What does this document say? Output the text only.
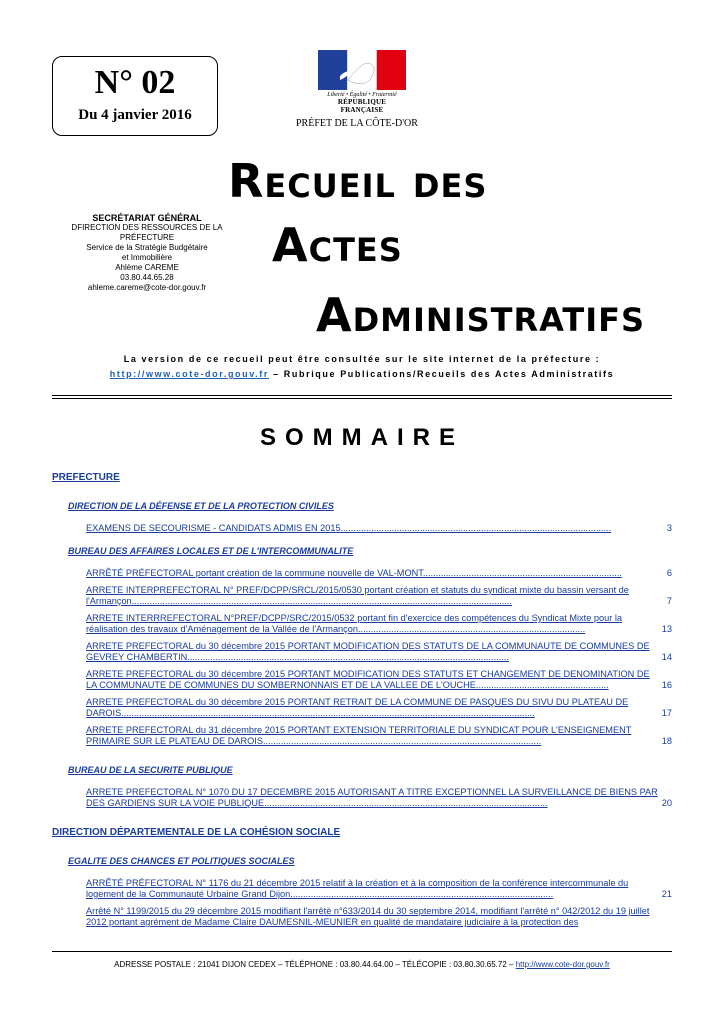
N° 02
Du 4 janvier 2016
Liberté • Égalité • Fraternité
RÉPUBLIQUE FRANÇAISE
PRÉFET DE LA CÔTE-D'OR
Recueil des
Actes
Administratifs
SECRÉTARIAT GÉNÉRAL
DFIRECTION DES RESSOURCES DE LA
PRÉFECTURE
Service de la Stratégie Budgétaire
et Immobilière
Ahlème CAREME
03.80.44.65.28
ahleme.careme@cote-dor.gouv.fr
La version de ce recueil peut être consultée sur le site internet de la préfecture :
http://www.cote-dor.gouv.fr – Rubrique Publications/Recueils des Actes Administratifs
SOMMAIRE
PREFECTURE
DIRECTION DE LA DÉFENSE ET DE LA PROTECTION CIVILES
EXAMENS DE SECOURISME - CANDIDATS ADMIS EN 2015..........................................................................................................	3
BUREAU DES AFFAIRES LOCALES ET DE L'INTERCOMMUNALITE
ARRÊTÉ PRÉFECTORAL portant création de la commune nouvelle de VAL-MONT..............................................................................	6
ARRETE INTERPREFECTORAL N° PREF/DCPP/SRCL/2015/0530 portant création et statuts du syndicat mixte du bassin versant de l'Armançon.....................................................................................................................................................	7
ARRETE INTERRREFECTORAL N°PREF/DCPP/SRC/2015/0532 portant fin d'exercice des compétences du Syndicat Mixte pour la réalisation des travaux d'Aménagement de la Vallée de l'Armançon.........................................................................................	13
ARRETE PREFECTORAL du 30 décembre 2015 PORTANT MODIFICATION DES STATUTS DE LA COMMUNAUTE DE COMMUNES DE GEVREY CHAMBERTIN..............................................................................................................................	14
ARRETE PREFECTORAL du 30 décembre 2015 PORTANT MODIFICATION DES STATUTS ET CHANGEMENT DE DENOMINATION DE LA COMMUNAUTE DE COMMUNES DU SOMBERNONNAIS ET DE LA VALLEE DE L'OUCHE....................................................	16
ARRETE PREFECTORAL du 30 décembre 2015 PORTANT RETRAIT DE LA COMMUNE DE PASQUES DU SIVU DU PLATEAU DE DAROIS..................................................................................................................................................................	17
ARRETE PREFECTORAL du 31 décembre 2015 PORTANT EXTENSION TERRITORIALE DU SYNDICAT POUR L'ENSEIGNEMENT PRIMAIRE SUR LE PLATEAU DE DAROIS.............................................................................................................	18
BUREAU DE LA SECURITE PUBLIQUE
ARRETE PREFECTORAL N° 1070 DU 17 DECEMBRE 2015 AUTORISANT A TITRE EXCEPTIONNEL LA SURVEILLANCE DE BIENS PAR DES GARDIENS SUR LA VOIE PUBLIQUE...............................................................................................................	20
DIRECTION DÉPARTEMENTALE DE LA COHÉSION SOCIALE
EGALITE DES CHANCES ET POLITIQUES SOCIALES
ARRÊTÉ PRÉFECTORAL N° 1176 du 21 décembre 2015 relatif à la création et à la composition de la conférence intercommunale du logement de la Communauté Urbaine Grand Dijon.......................................................................................................	21
Arrêté N° 1199/2015 du 29 décembre 2015 modifiant l'arrêté n°633/2014 du 30 septembre 2014, modifiant l'arrêté n° 042/2012 du 19 juillet 2012 portant agrément de Madame Claire DAUMESNIL-MEUNIER en qualité de mandataire judiciaire à la protection des
ADRESSE POSTALE : 21041 DIJON CEDEX – TÉLÉPHONE : 03.80.44.64.00 – TÉLÉCOPIE : 03.80.30.65.72 – http://www.cote-dor.gouv.fr
